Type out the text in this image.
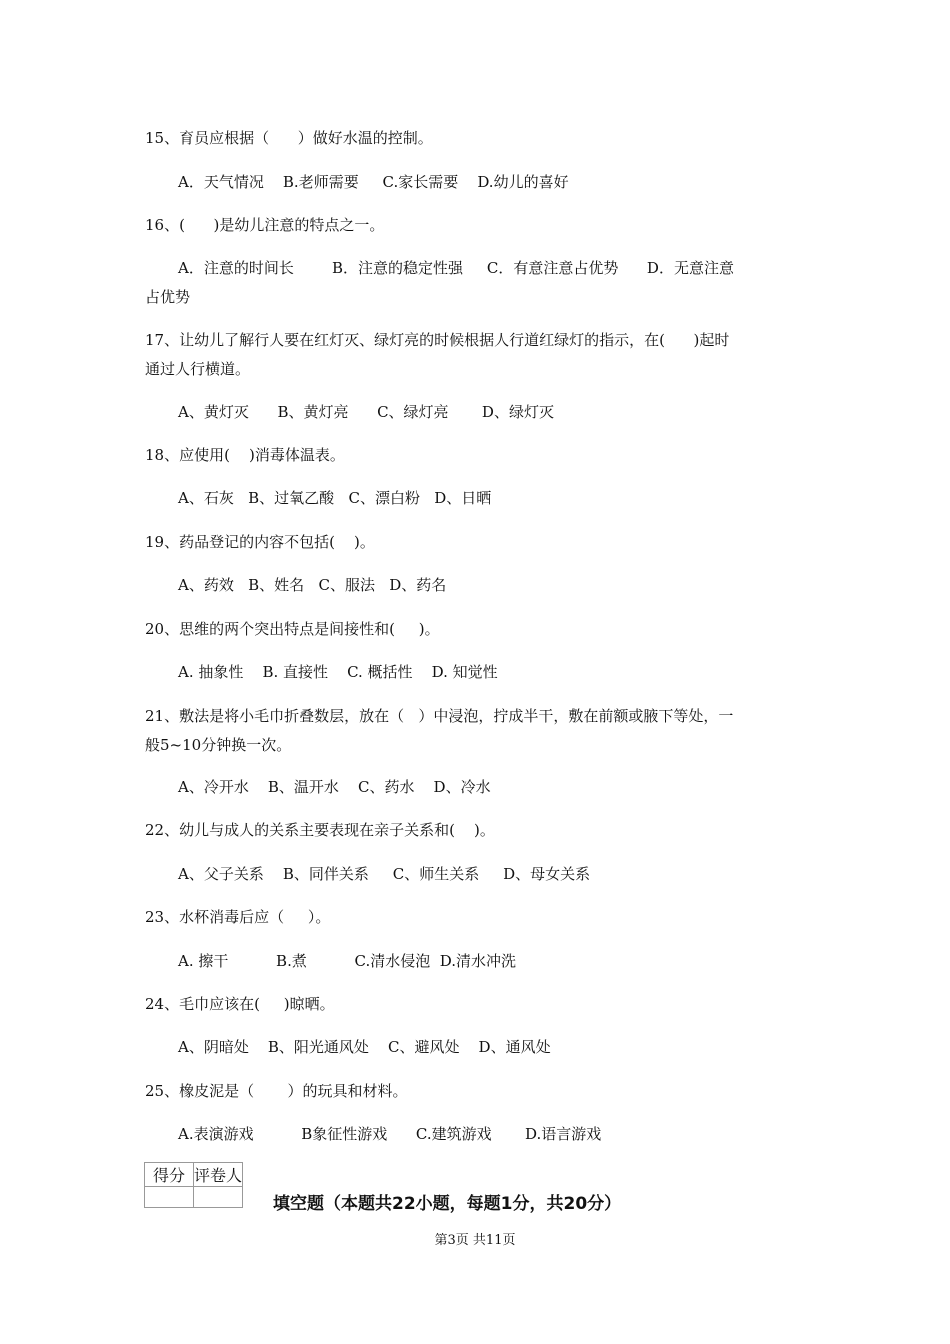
15、育员应根据（      ）做好水温的控制。
A．天气情况    B.老师需要     C.家长需要    D.幼儿的喜好
16、(      )是幼儿注意的特点之一。
A．注意的时间长        B．注意的稳定性强     C．有意注意占优势      D．无意注意
占优势
17、让幼儿了解行人要在红灯灭、绿灯亮的时候根据人行道红绿灯的指示，在(      )起时
通过人行横道。
A、黄灯灭      B、黄灯亮      C、绿灯亮       D、绿灯灭
18、应使用(    )消毒体温表。
A、石灰   B、过氧乙酸   C、漂白粉   D、日晒
19、药品登记的内容不包括(    )。
A、药效   B、姓名   C、服法   D、药名
20、思维的两个突出特点是间接性和(     )。
A. 抽象性    B. 直接性    C. 概括性    D. 知觉性
21、敷法是将小毛巾折叠数层，放在（   ）中浸泡，拧成半干，敷在前额或腋下等处，一
般5~10分钟换一次。
A、冷开水    B、温开水    C、药水    D、冷水
22、幼儿与成人的关系主要表现在亲子关系和(    )。
A、父子关系    B、同伴关系     C、师生关系     D、母女关系
23、水杯消毒后应（     ）。
A. 擦干          B.煮          C.清水侵泡  D.清水冲洗
24、毛巾应该在(     )晾晒。
A、阴暗处    B、阳光通风处    C、避风处    D、通风处
25、橡皮泥是（       ）的玩具和材料。
A.表演游戏          B象征性游戏      C.建筑游戏       D.语言游戏
得分	评卷人

填空题（本题共22小题，每题1分，共20分）
第3页 共11页
